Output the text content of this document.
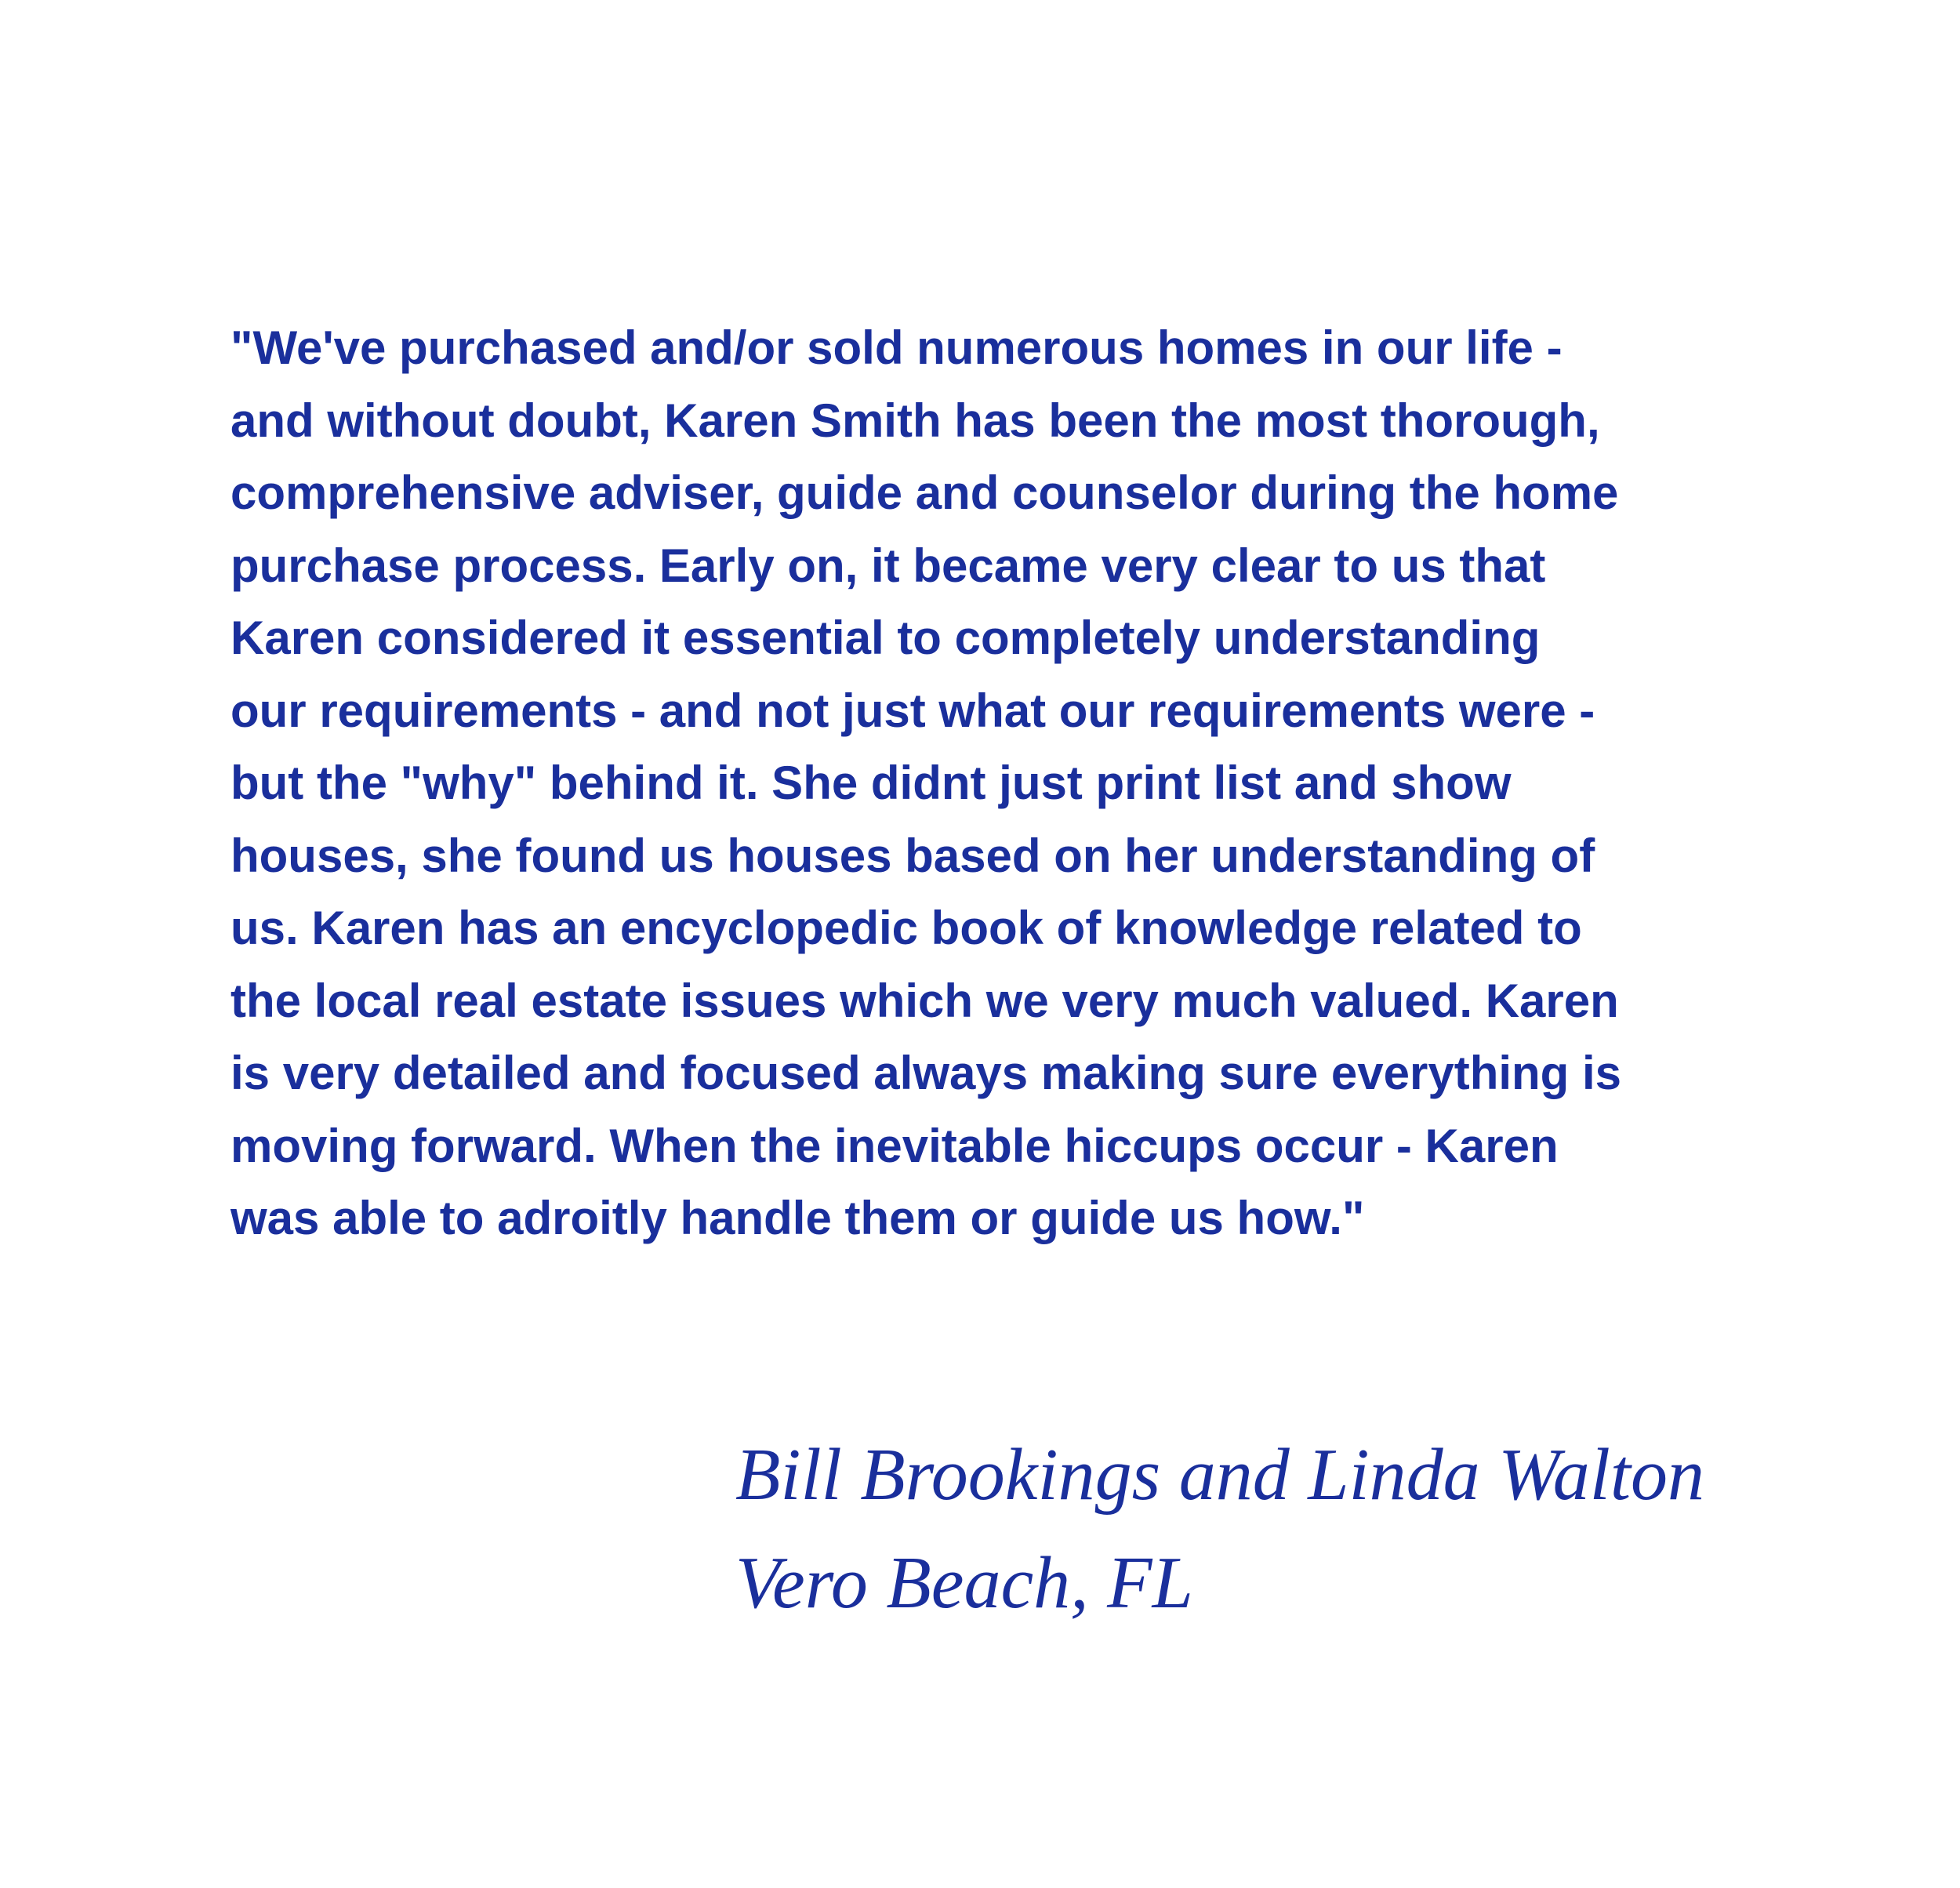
"We've purchased and/or sold numerous homes in our life -
and without doubt, Karen Smith has been the most thorough,
comprehensive adviser, guide and counselor during the home
purchase process. Early on, it became very clear to us that
Karen considered it essential to completely understanding
our requirements - and not just what our requirements were -
but the "why" behind it. She didnt just print list and show
houses, she found us houses based on her understanding of
us. Karen has an encyclopedic book of knowledge related to
the local real estate issues which we very much valued. Karen
is very detailed and focused always making sure everything is
moving forward. When the inevitable hiccups occur - Karen
was able to adroitly handle them or guide us how."
Bill Brookings and Linda Walton
Vero Beach, FL
